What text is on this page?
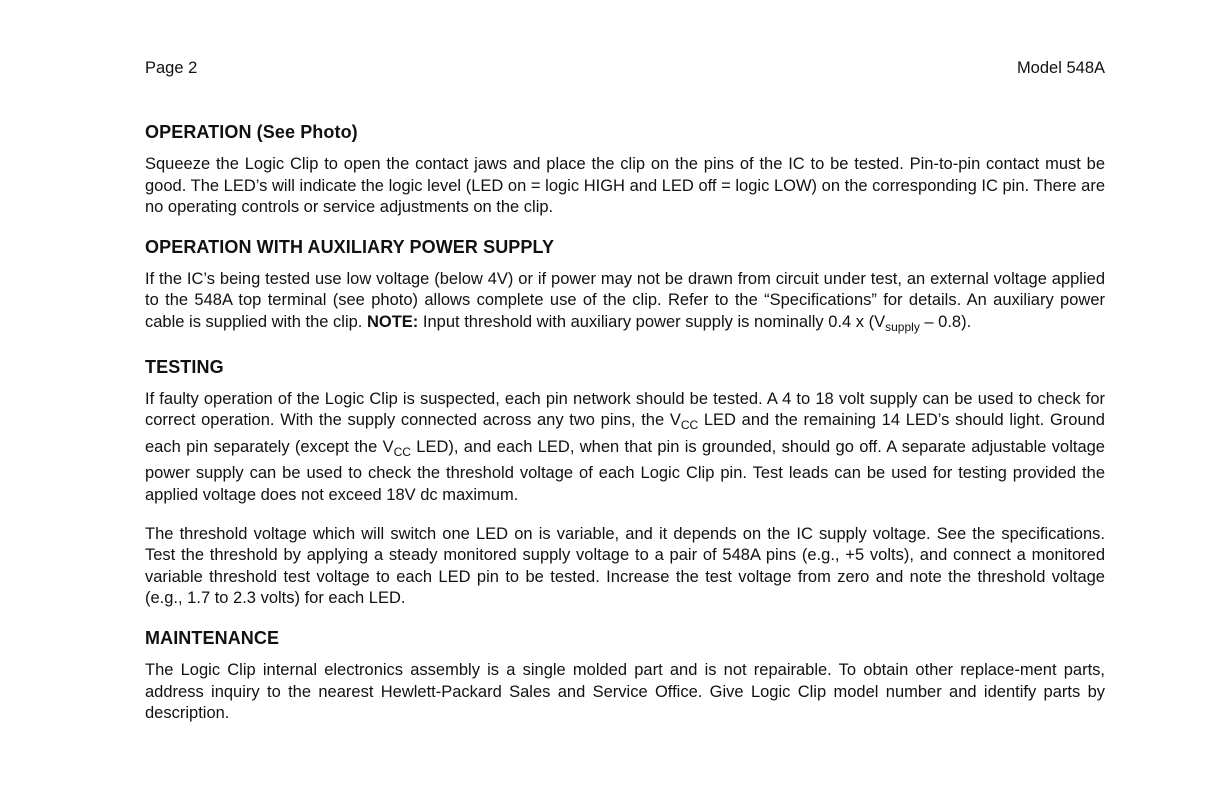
Page 2	Model 548A
OPERATION (See Photo)

Squeeze the Logic Clip to open the contact jaws and place the clip on the pins of the IC to be tested. Pin-to-pin contact must be good. The LED’s will indicate the logic level (LED on = logic HIGH and LED off = logic LOW) on the corresponding IC pin. There are no operating controls or service adjustments on the clip.

OPERATION WITH AUXILIARY POWER SUPPLY

If the IC’s being tested use low voltage (below 4V) or if power may not be drawn from circuit under test, an external voltage applied to the 548A top terminal (see photo) allows complete use of the clip. Refer to the “Specifications” for details. An auxiliary power cable is supplied with the clip. NOTE: Input threshold with auxiliary power supply is nominally 0.4 x $(V_{supply} - 0.8)$.

TESTING

If faulty operation of the Logic Clip is suspected, each pin network should be tested. A 4 to 18 volt supply can be used to check for correct operation. With the supply connected across any two pins, the $V_{CC}$ LED and the remaining 14 LED’s should light. Ground each pin separately (except the $V_{CC}$ LED), and each LED, when that pin is grounded, should go off. A separate adjustable voltage power supply can be used to check the threshold voltage of each Logic Clip pin. Test leads can be used for testing provided the applied voltage does not exceed 18V dc maximum.

The threshold voltage which will switch one LED on is variable, and it depends on the IC supply voltage. See the specifications. Test the threshold by applying a steady monitored supply voltage to a pair of 548A pins (e.g., +5 volts), and connect a monitored variable threshold test voltage to each LED pin to be tested. Increase the test voltage from zero and note the threshold voltage (e.g., 1.7 to 2.3 volts) for each LED.

MAINTENANCE

The Logic Clip internal electronics assembly is a single molded part and is not repairable. To obtain other replace-ment parts, address inquiry to the nearest Hewlett-Packard Sales and Service Office. Give Logic Clip model number and identify parts by description.
